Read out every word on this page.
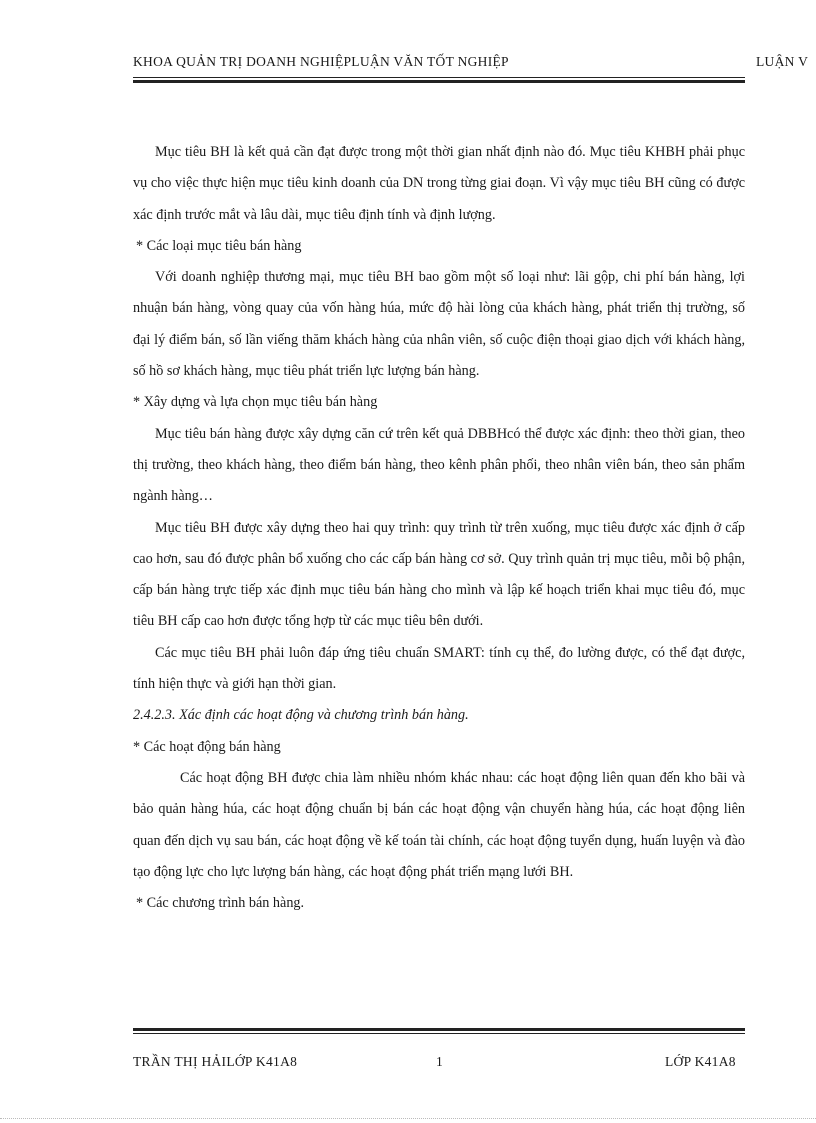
KHOA QUẢN TRỊ DOANH NGHIỆPLUẬN VĂN TỐT NGHIỆP	LUẬN V

Mục tiêu BH là kết quả cần đạt được trong một thời gian nhất định nào đó. Mục tiêu KHBH phải phục vụ cho việc thực hiện mục tiêu kinh doanh của DN trong từng giai đoạn. Vì vậy mục tiêu BH cũng có được xác định trước mắt và lâu dài, mục tiêu định tính và định lượng.

* Các loại mục tiêu bán hàng

Với doanh nghiệp thương mại, mục tiêu BH bao gồm một số loại như: lãi gộp, chi phí bán hàng, lợi nhuận bán hàng, vòng quay của vốn hàng húa, mức độ hài lòng của khách hàng, phát triển thị trường, số đại lý điểm bán, số lần viếng thăm khách hàng của nhân viên, số cuộc điện thoại giao dịch với khách hàng, số hồ sơ khách hàng, mục tiêu phát triển lực lượng bán hàng.

* Xây dựng và lựa chọn mục tiêu bán hàng

Mục tiêu bán hàng được xây dựng căn cứ trên kết quả DBBHcó thể được xác định: theo thời gian, theo thị trường, theo khách hàng, theo điểm bán hàng, theo kênh phân phối, theo nhân viên bán, theo sản phẩm ngành hàng…

Mục tiêu BH được xây dựng theo hai quy trình: quy trình từ trên xuống, mục tiêu được xác định ở cấp cao hơn, sau đó được phân bổ xuống cho các cấp bán hàng cơ sở. Quy trình quản trị mục tiêu, mỗi bộ phận, cấp bán hàng trực tiếp xác định mục tiêu bán hàng cho mình và lập kế hoạch triển khai mục tiêu đó, mục tiêu BH cấp cao hơn được tổng hợp từ các mục tiêu bên dưới.

Các mục tiêu BH phải luôn đáp ứng tiêu chuẩn SMART: tính cụ thể, đo lường được, có thể đạt được, tính hiện thực và giới hạn thời gian.

2.4.2.3. Xác định các hoạt động và chương trình bán hàng.

* Các hoạt động bán hàng

Các hoạt động BH được chia làm nhiều nhóm khác nhau: các hoạt động liên quan đến kho bãi và bảo quản hàng húa, các hoạt động chuẩn bị bán các hoạt động vận chuyển hàng húa, các hoạt động liên quan đến dịch vụ sau bán, các hoạt động về kế toán tài chính, các hoạt động tuyển dụng, huấn luyện và đào tạo động lực cho lực lượng bán hàng, các hoạt động phát triển mạng lưới BH.

* Các chương trình bán hàng.

TRẦN THỊ HẢILỚP K41A8	1	LỚP K41A8
